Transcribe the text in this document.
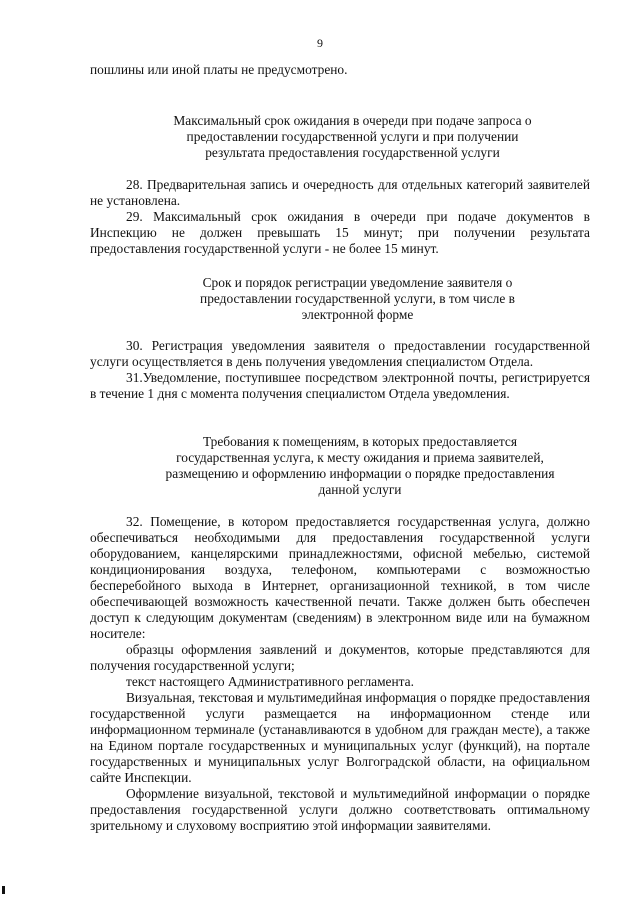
9

пошлины или иной платы не предусмотрено.

Максимальный срок ожидания в очереди при подаче запроса о предоставлении государственной услуги и при получении результата предоставления государственной услуги

28. Предварительная запись и очередность для отдельных категорий заявителей не установлена.

29. Максимальный срок ожидания в очереди при подаче документов в Инспекцию не должен превышать 15 минут; при получении результата предоставления государственной услуги - не более 15 минут.

Срок и порядок регистрации уведомление заявителя о предоставлении государственной услуги, в том числе в электронной форме

30. Регистрация уведомления заявителя о предоставлении государственной услуги осуществляется в день получения уведомления специалистом Отдела.

31.Уведомление, поступившее посредством электронной почты, регистрируется в течение 1 дня с момента получения специалистом Отдела уведомления.

Требования к помещениям, в которых предоставляется государственная услуга, к месту ожидания и приема заявителей, размещению и оформлению информации о порядке предоставления данной услуги

32. Помещение, в котором предоставляется государственная услуга, должно обеспечиваться необходимыми для предоставления государственной услуги оборудованием, канцелярскими принадлежностями, офисной мебелью, системой кондиционирования воздуха, телефоном, компьютерами с возможностью бесперебойного выхода в Интернет, организационной техникой, в том числе обеспечивающей возможность качественной печати. Также должен быть обеспечен доступ к следующим документам (сведениям) в электронном виде или на бумажном носителе:

образцы оформления заявлений и документов, которые представляются для получения государственной услуги;

текст настоящего Административного регламента.

Визуальная, текстовая и мультимедийная информация о порядке предоставления государственной услуги размещается на информационном стенде или информационном терминале (устанавливаются в удобном для граждан месте), а также на Едином портале государственных и муниципальных услуг (функций), на портале государственных и муниципальных услуг Волгоградской области, на официальном сайте Инспекции.

Оформление визуальной, текстовой и мультимедийной информации о порядке предоставления государственной услуги должно соответствовать оптимальному зрительному и слуховому восприятию этой информации заявителями.
